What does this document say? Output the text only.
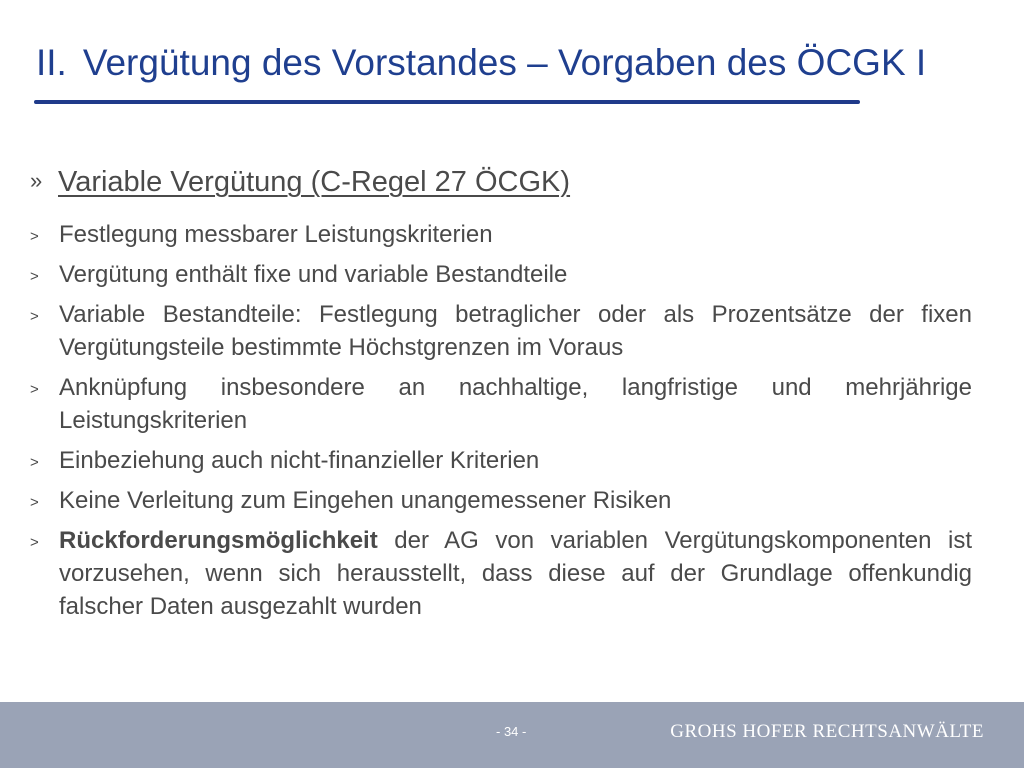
II. Vergütung des Vorstandes – Vorgaben des ÖCGK I
» Variable Vergütung (C-Regel 27 ÖCGK)
> Festlegung messbarer Leistungskriterien
> Vergütung enthält fixe und variable Bestandteile
> Variable Bestandteile: Festlegung betraglicher oder als Prozentsätze der fixen Vergütungsteile bestimmte Höchstgrenzen im Voraus
> Anknüpfung insbesondere an nachhaltige, langfristige und mehrjährige Leistungskriterien
> Einbeziehung auch nicht-finanzieller Kriterien
> Keine Verleitung zum Eingehen unangemessener Risiken
> Rückforderungsmöglichkeit der AG von variablen Vergütungskomponenten ist vorzusehen, wenn sich herausstellt, dass diese auf der Grundlage offenkundig falscher Daten ausgezahlt wurden
- 34 -	GROHS HOFER RECHTSANWÄLTE
